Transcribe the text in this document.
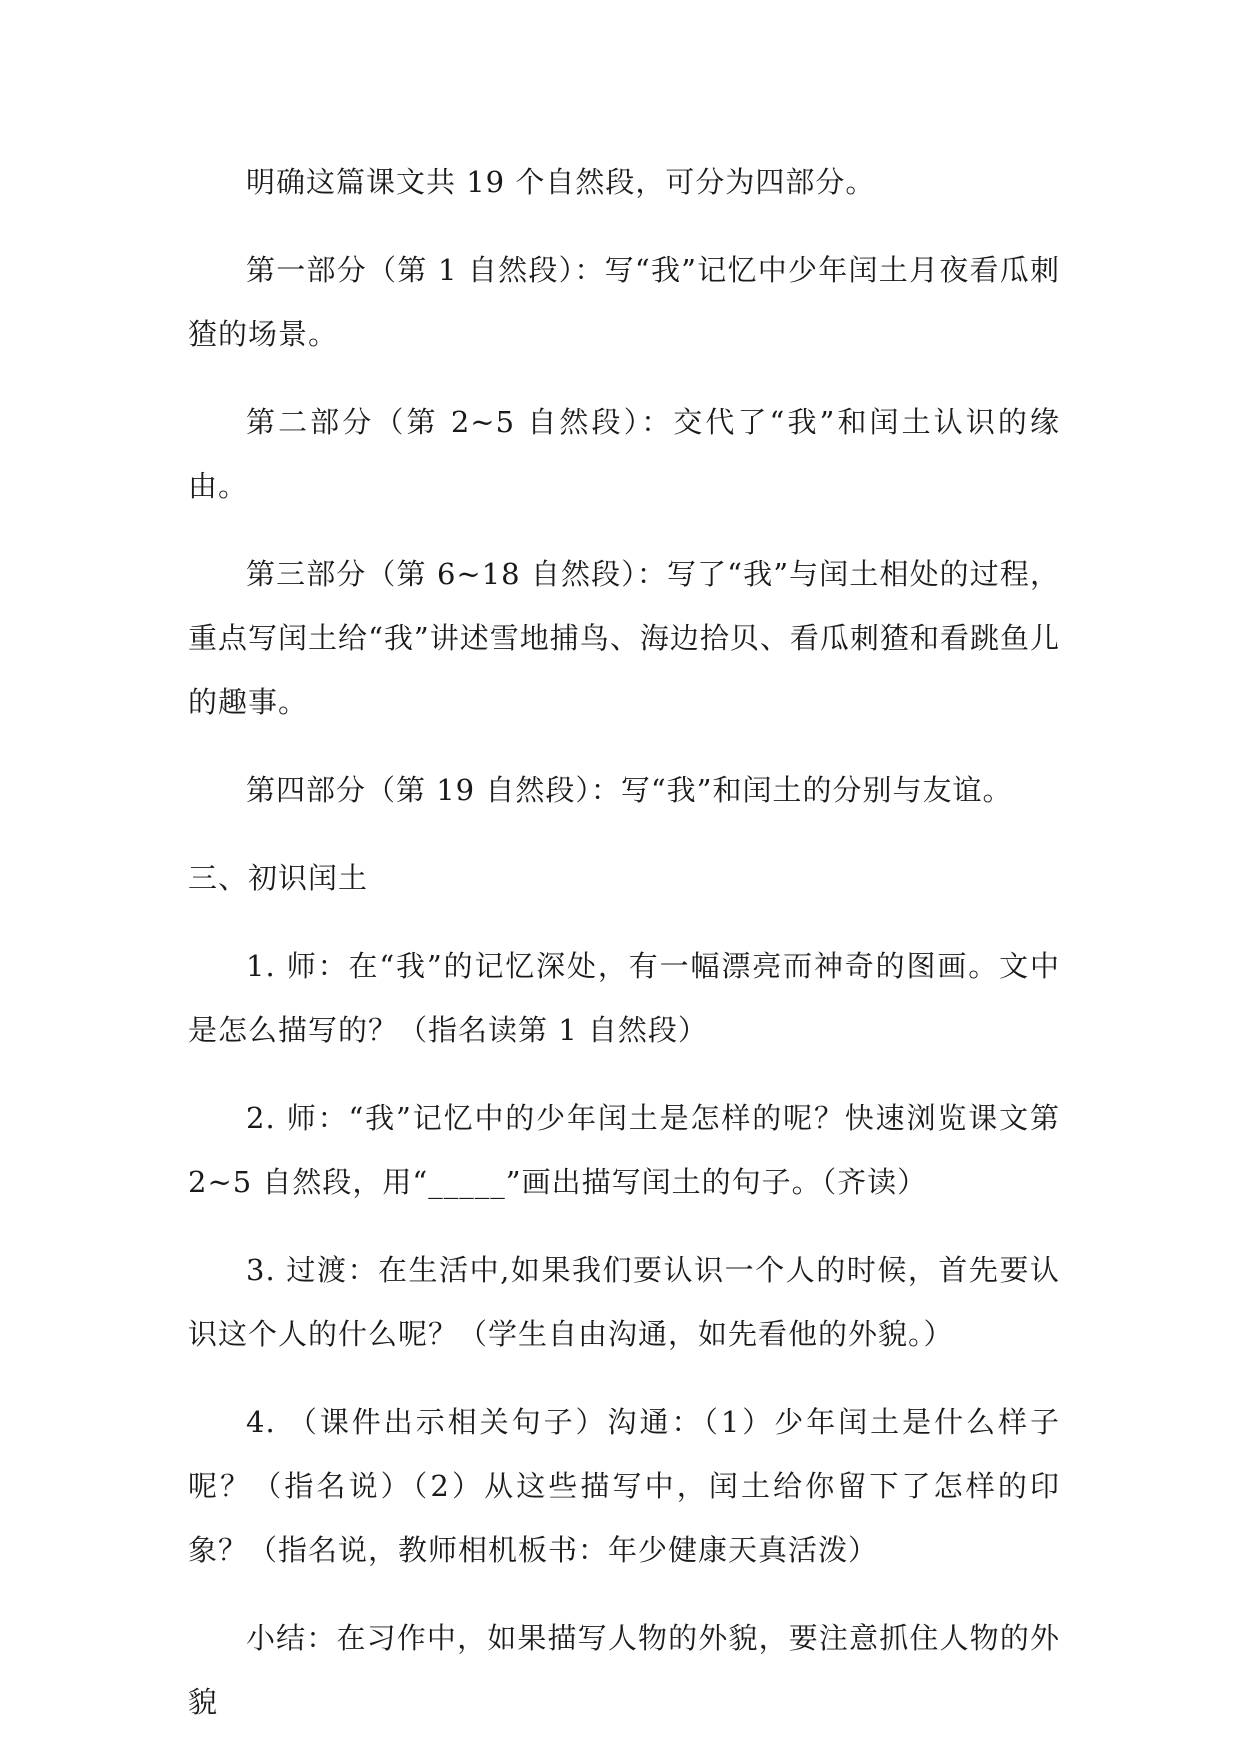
明确这篇课文共 19 个自然段，可分为四部分。

第一部分（第 1 自然段）：写“我”记忆中少年闰土月夜看瓜刺猹的场景。

第二部分（第 2~5 自然段）：交代了“我”和闰土认识的缘由。

第三部分（第 6~18 自然段）：写了“我”与闰土相处的过程，重点写闰土给“我”讲述雪地捕鸟、海边拾贝、看瓜刺猹和看跳鱼儿的趣事。

第四部分（第 19 自然段）：写“我”和闰土的分别与友谊。

三、初识闰土

1. 师：在“我”的记忆深处，有一幅漂亮而神奇的图画。文中是怎么描写的？（指名读第 1 自然段）

2. 师：“我”记忆中的少年闰土是怎样的呢？快速浏览课文第 2~5 自然段，用“_____”画出描写闰土的句子。（齐读）

3. 过渡：在生活中,如果我们要认识一个人的时候，首先要认识这个人的什么呢？（学生自由沟通，如先看他的外貌。）

4. （课件出示相关句子）沟通：（1）少年闰土是什么样子呢？（指名说）（2）从这些描写中，闰土给你留下了怎样的印象？（指名说，教师相机板书：年少健康天真活泼）

小结：在习作中，如果描写人物的外貌，要注意抓住人物的外貌
